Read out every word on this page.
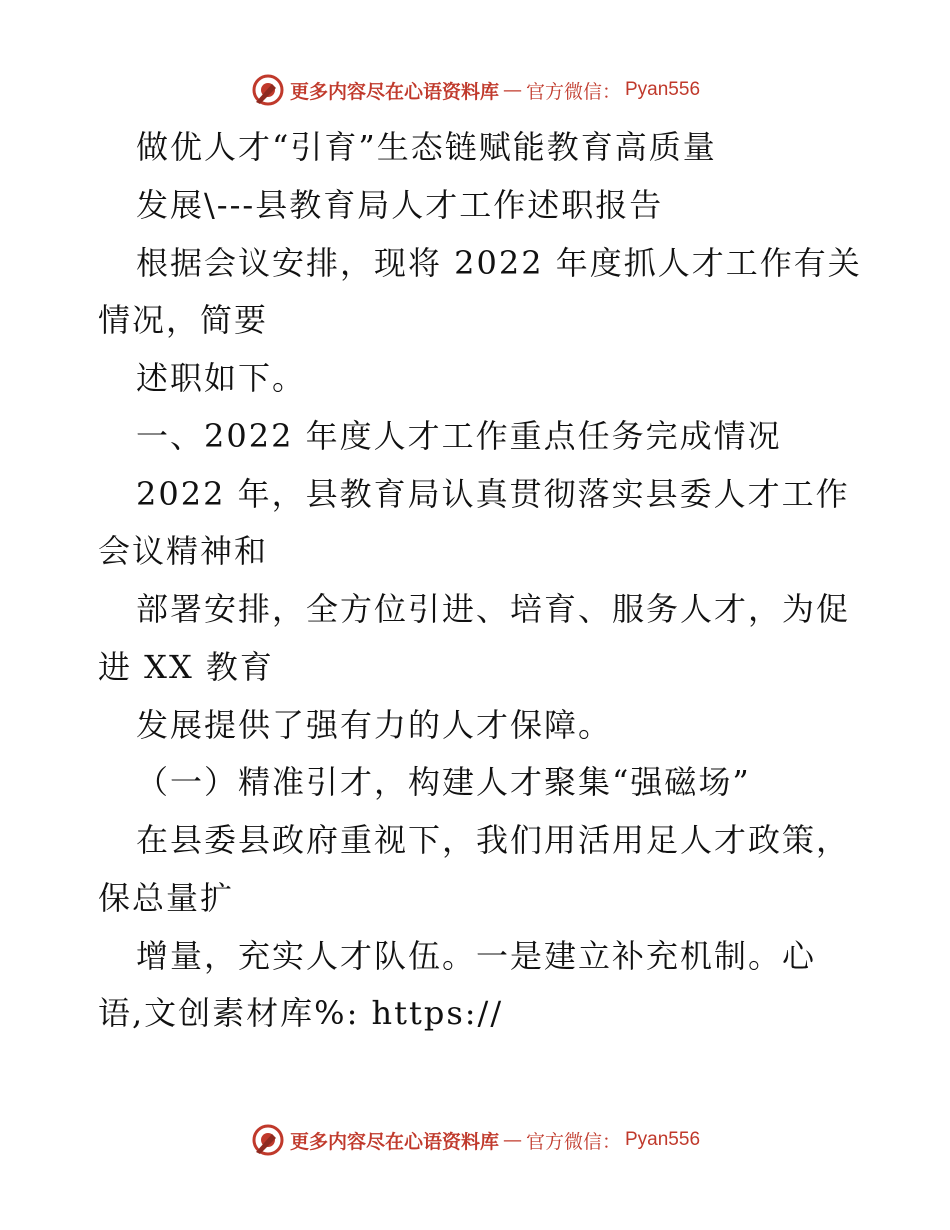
更多内容尽在心语资料库 — 官方微信： Pyan556
做优人才“引育”生态链赋能教育高质量
发展\---县教育局人才工作述职报告
根据会议安排，现将 2022 年度抓人才工作有关
情况，简要
述职如下。
一、2022 年度人才工作重点任务完成情况
2022 年，县教育局认真贯彻落实县委人才工作
会议精神和
部署安排，全方位引进、培育、服务人才，为促
进 XX 教育
发展提供了强有力的人才保障。
（一）精准引才，构建人才聚集“强磁场”
在县委县政府重视下，我们用活用足人才政策，
保总量扩
增量，充实人才队伍。一是建立补充机制。心
语,文创素材库%: https://
更多内容尽在心语资料库 — 官方微信： Pyan556
